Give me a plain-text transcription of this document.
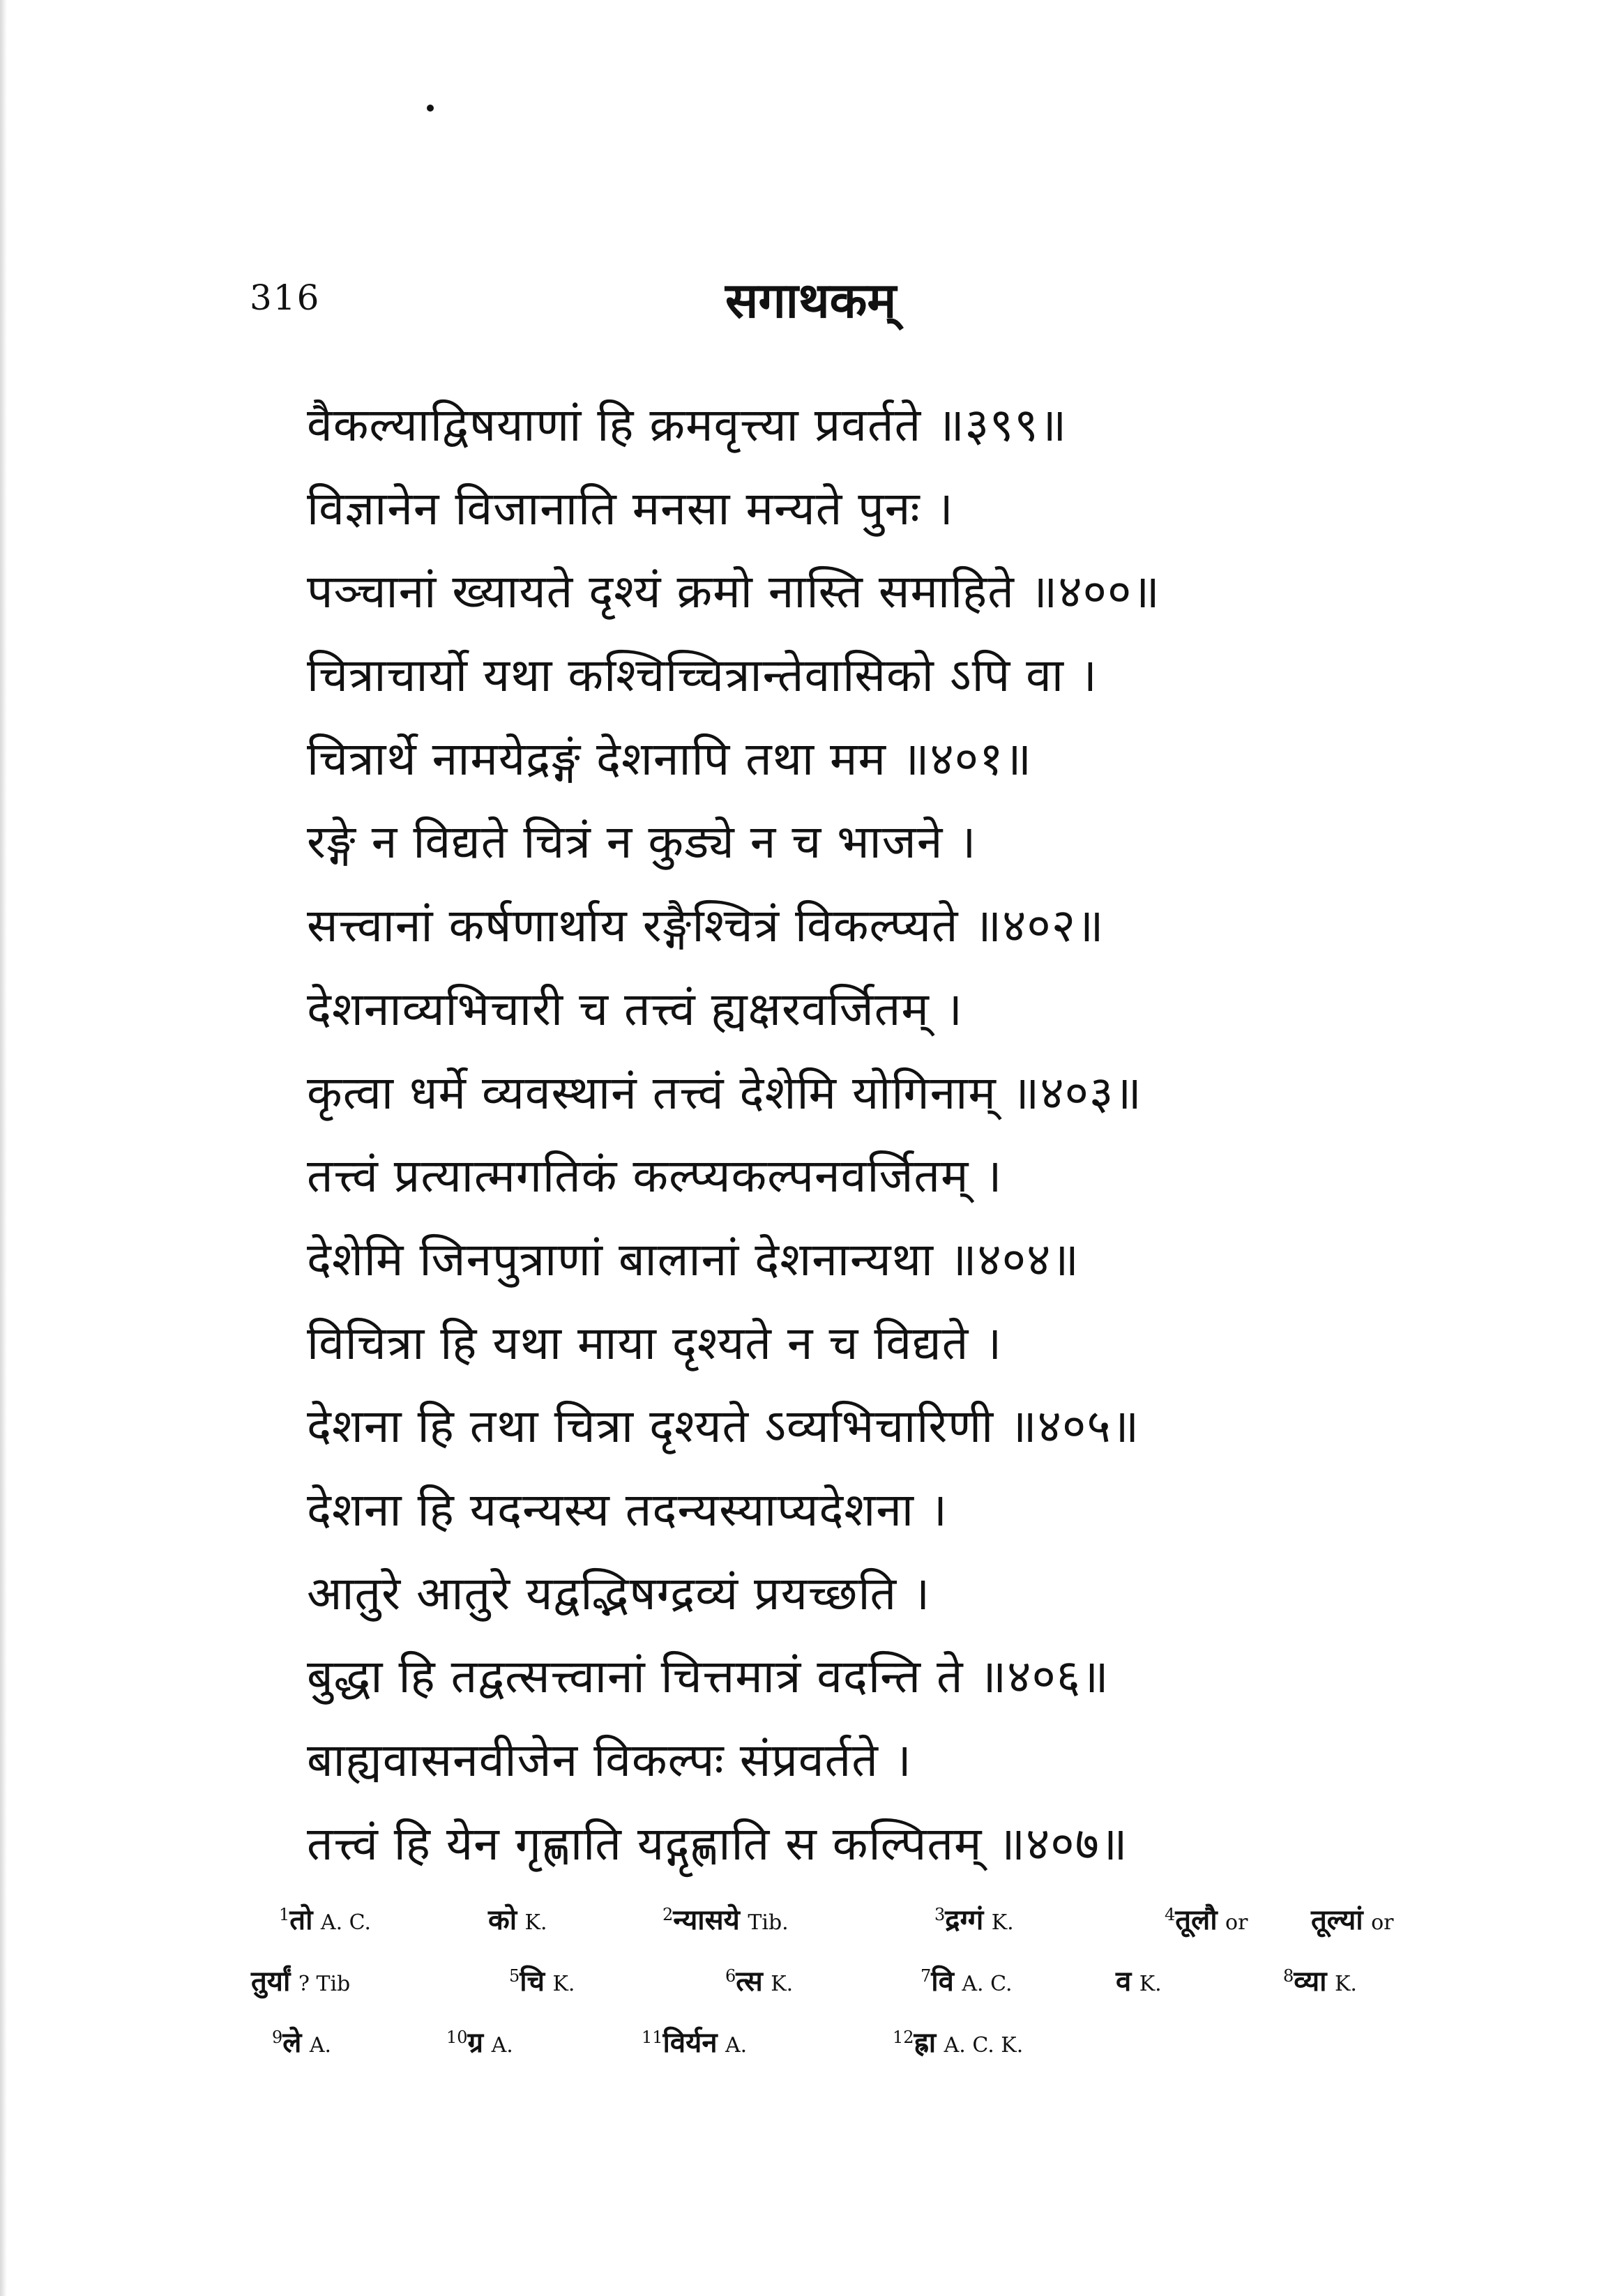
316	सगाथकम्
वैकल्याद्विषयाणां हि क्रमवृत्त्या प्रवर्तते ॥३९९॥
विज्ञानेन विजानाति मनसा मन्यते पुनः ।
पञ्चानां ख्यायते दृश्यं क्रमो नास्ति समाहिते ॥४००॥
चित्राचार्यो यथा कश्चिच्चित्रान्तेवासिको ऽपि वा ।
चित्रार्थे नामयेद्रङ्गं देशनापि तथा मम ॥४०१॥
रङ्गे न विद्यते चित्रं न कुड्ये न च भाजने ।
सत्त्वानां कर्षणार्थाय रङ्गैश्चित्रं विकल्प्यते ॥४०२॥
देशनाव्यभिचारी च तत्त्वं ह्यक्षरवर्जितम् ।
कृत्वा धर्मे व्यवस्थानं तत्त्वं देशेमि योगिनाम् ॥४०३॥
तत्त्वं प्रत्यात्मगतिकं कल्प्यकल्पनवर्जितम् ।
देशेमि जिनपुत्राणां बालानां देशनान्यथा ॥४०४॥
विचित्रा हि यथा माया दृश्यते न च विद्यते ।
देशना हि तथा चित्रा दृश्यते ऽव्यभिचारिणी ॥४०५॥
देशना हि यदन्यस्य तदन्यस्याप्यदेशना ।
आतुरे आतुरे यद्वद्भिषग्द्रव्यं प्रयच्छति ।
बुद्धा हि तद्वत्सत्त्वानां चित्तमात्रं वदन्ति ते ॥४०६॥
बाह्यवासनवीजेन विकल्पः संप्रवर्तते ।
तत्त्वं हि येन गृह्णाति यद्गृह्णाति स कल्पितम् ॥४०७॥
$^1$तो A. C.	को K.	$^2$न्यासये Tib.	$^3$द्रग्गं K.	$^4$तूलौ or तूल्यां or
तुर्यां ? Tib	$^5$चि K.	$^6$त्स K.	$^7$वि A. C.	व K.	$^8$व्या K.
$^9$ले A.	$^{10}$ग्र A.	$^{11}$विर्यन A.	$^{12}$ह्रा A. C. K.
